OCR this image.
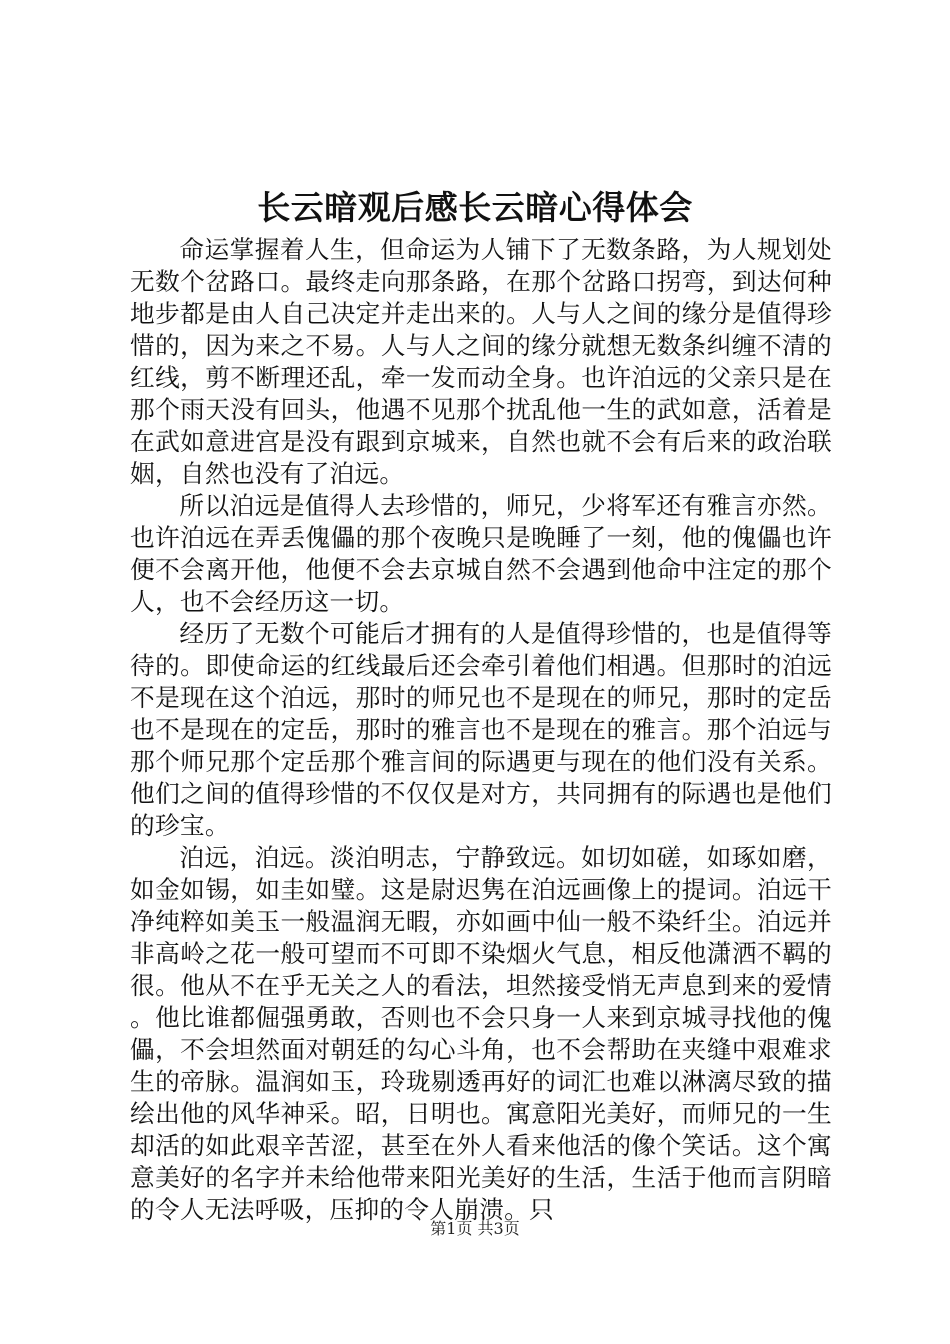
长云暗观后感长云暗心得体会

命运掌握着人生，但命运为人铺下了无数条路，为人规划处无数个岔路口。最终走向那条路，在那个岔路口拐弯，到达何种地步都是由人自己决定并走出来的。人与人之间的缘分是值得珍惜的，因为来之不易。人与人之间的缘分就想无数条纠缠不清的红线，剪不断理还乱，牵一发而动全身。也许泊远的父亲只是在那个雨天没有回头，他遇不见那个扰乱他一生的武如意，活着是在武如意进宫是没有跟到京城来，自然也就不会有后来的政治联姻，自然也没有了泊远。

所以泊远是值得人去珍惜的，师兄，少将军还有雅言亦然。也许泊远在弄丢傀儡的那个夜晚只是晚睡了一刻，他的傀儡也许便不会离开他，他便不会去京城自然不会遇到他命中注定的那个人，也不会经历这一切。

经历了无数个可能后才拥有的人是值得珍惜的，也是值得等待的。即使命运的红线最后还会牵引着他们相遇。但那时的泊远不是现在这个泊远，那时的师兄也不是现在的师兄，那时的定岳也不是现在的定岳，那时的雅言也不是现在的雅言。那个泊远与那个师兄那个定岳那个雅言间的际遇更与现在的他们没有关系。他们之间的值得珍惜的不仅仅是对方，共同拥有的际遇也是他们的珍宝。

泊远，泊远。淡泊明志，宁静致远。如切如磋，如琢如磨，如金如锡，如圭如璧。这是尉迟隽在泊远画像上的提词。泊远干净纯粹如美玉一般温润无暇，亦如画中仙一般不染纤尘。泊远并非高岭之花一般可望而不可即不染烟火气息，相反他潇洒不羁的很。他从不在乎无关之人的看法，坦然接受悄无声息到来的爱情。他比谁都倔强勇敢，否则也不会只身一人来到京城寻找他的傀儡，不会坦然面对朝廷的勾心斗角，也不会帮助在夹缝中艰难求生的帝脉。温润如玉，玲珑剔透再好的词汇也难以淋漓尽致的描绘出他的风华神采。昭，日明也。寓意阳光美好，而师兄的一生却活的如此艰辛苦涩，甚至在外人看来他活的像个笑话。这个寓意美好的名字并未给他带来阳光美好的生活，生活于他而言阴暗的令人无法呼吸，压抑的令人崩溃。只

第1页 共3页
